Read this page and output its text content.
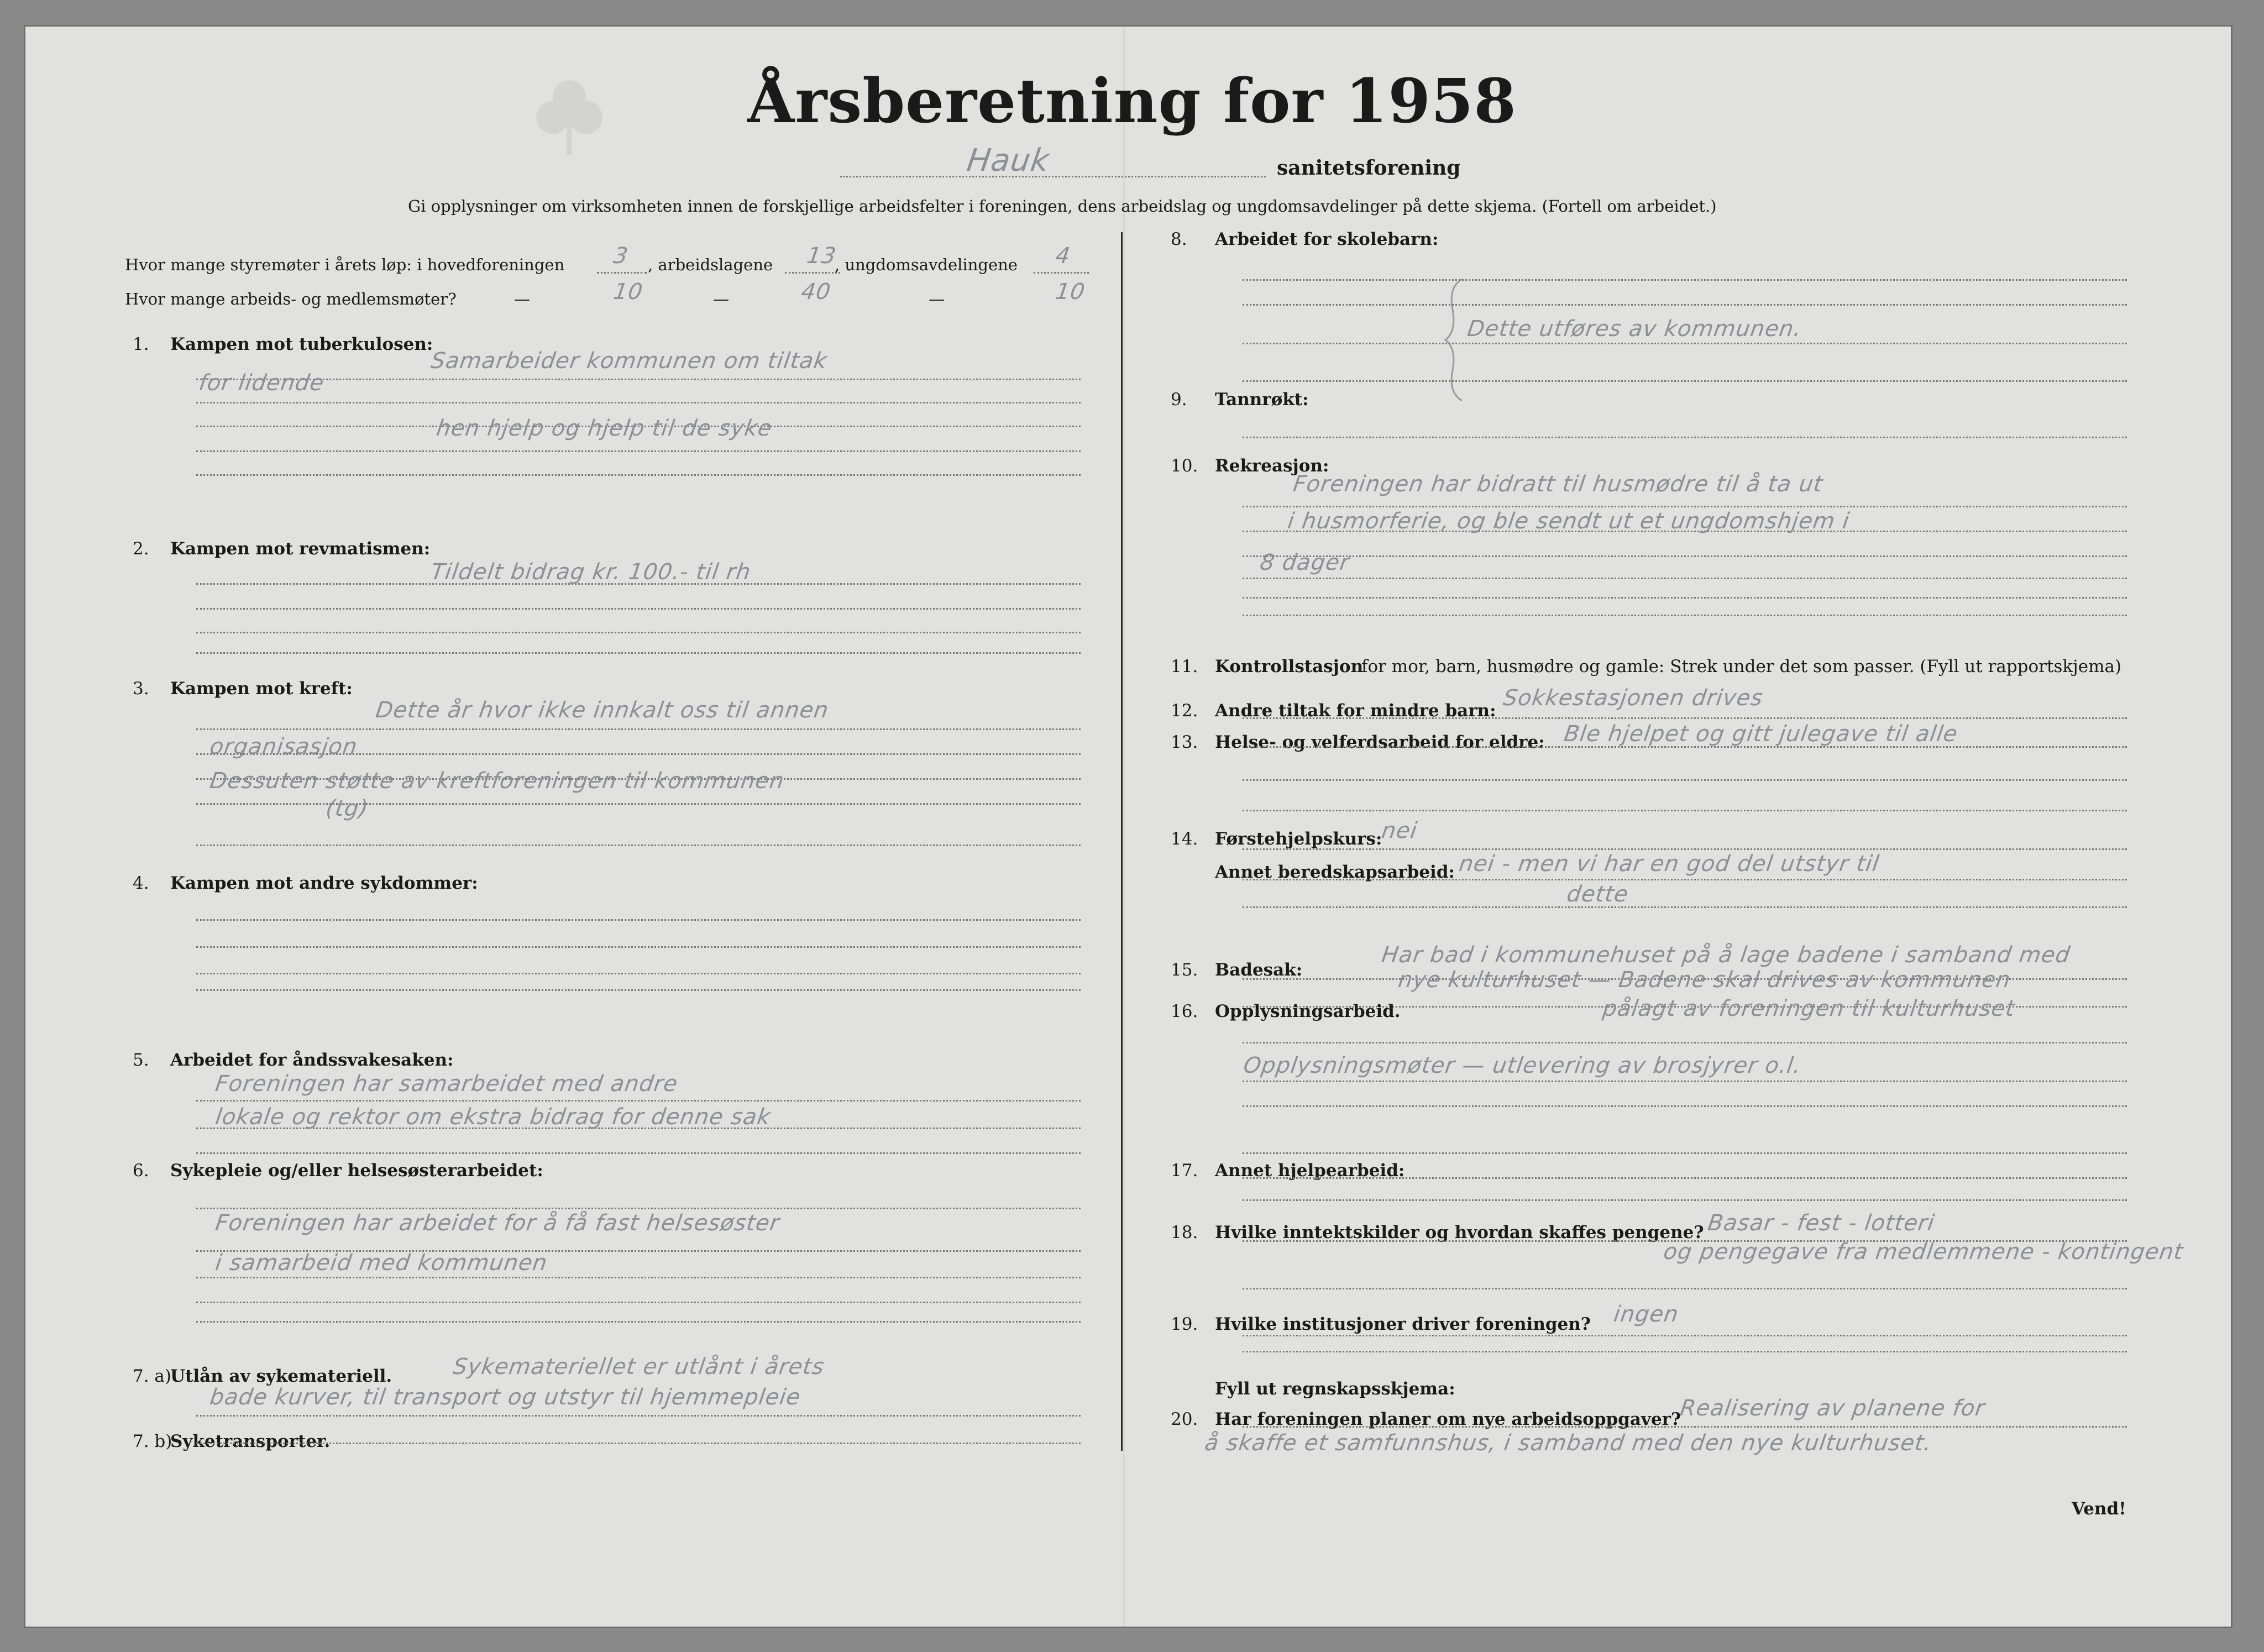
Årsberetning for 1958
Hauk	sanitetsforening
Gi opplysninger om virksomheten innen de forskjellige arbeidsfelter i foreningen, dens arbeidslag og ungdomsavdelinger på dette skjema. (Fortell om arbeidet.)
Hvor mange styremøter i årets løp: i hovedforeningen 3 , arbeidslagene 13
, ungdomsavdelingene 4
Hvor mange arbeids- og medlemsmøter?	—	10	—	40	—	10
Vend!
1. Kampen mot tuberkulosen:
Samarbeider kommunen om tiltak
for lidende
hen hjelp og hjelp til de syke
2. Kampen mot revmatismen:
Tildelt bidrag kr. 100.- til rh
3. Kampen mot kreft:
Dette år hvor ikke innkalt oss til annen
organisasjon
Dessuten støtte av kreftforeningen til kommunen
(tg)
4. Kampen mot andre sykdommer:
5. Arbeidet for åndssvakesaken:
Foreningen har samarbeidet med andre
lokale og rektor om ekstra bidrag for denne sak
6. Sykepleie og/eller helsesøsterarbeidet:
Foreningen har arbeidet for å få fast helsesøster
i samarbeid med kommunen
7. a)
Utlån av sykemateriell.	Sykemateriellet er utlånt i årets
bade kurver, til transport og utstyr til hjemmepleie
7. b)
Syketransporter.
8. Arbeidet for skolebarn:
Dette utføres av kommunen.
9. Tannrøkt:
10. Rekreasjon:
Foreningen har bidratt til husmødre til å ta ut
i husmorferie, og ble sendt ut et ungdomshjem i
8 dager
11. Kontrollstasjon
for mor, barn, husmødre og gamle: Strek under det som passer. (Fyll ut rapportskjema)
12. Andre tiltak for mindre barn: Sokkestasjonen drives
13. Helse- og velferdsarbeid for eldre: Ble hjelpet og gitt julegave til alle
14. Førstehjelpskurs:
nei
Annet beredskapsarbeid: nei - men vi har en god del utstyr til
dette
15. Badesak:
Har bad i kommunehuset på å lage badene i samband med
nye kulturhuset — Badene skal drives av kommunen
pålagt av foreningen til kulturhuset
16. Opplysningsarbeid.
Opplysningsmøter — utlevering av brosjyrer o.l.
17. Annet hjelpearbeid:
18. Hvilke inntektskilder og hvordan skaffes pengene? Basar - fest - lotteri
og pengegave fra medlemmene - kontingent
19. Hvilke institusjoner driver foreningen? ingen
Fyll ut regnskapsskjema:
20. Har foreningen planer om nye arbeidsoppgaver?
Realisering av planene for
å skaffe et samfunnshus, i samband med den nye kulturhuset.
